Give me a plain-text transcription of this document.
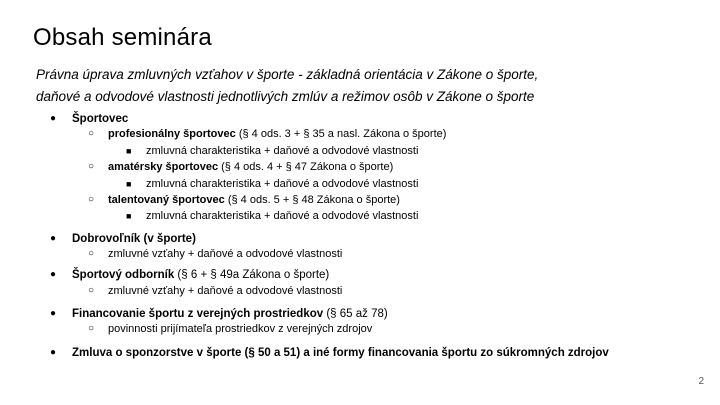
Obsah seminára
Právna úprava zmluvných vzťahov v športe - základná orientácia v Zákone o športe,
daňové a odvodové vlastnosti jednotlivých zmlúv a režimov osôb v Zákone o športe
● Športovec
○ profesionálny športovec (§ 4 ods. 3 + § 35 a nasl. Zákona o športe)
■ zmluvná charakteristika + daňové a odvodové vlastnosti
○ amatérsky športovec (§ 4 ods. 4 + § 47 Zákona o športe)
■ zmluvná charakteristika + daňové a odvodové vlastnosti
○ talentovaný športovec (§ 4 ods. 5 + § 48 Zákona o športe)
■ zmluvná charakteristika + daňové a odvodové vlastnosti
● Dobrovoľník (v športe)
○ zmluvné vzťahy + daňové a odvodové vlastnosti
● Športový odborník (§ 6 + § 49a Zákona o športe)
○ zmluvné vzťahy + daňové a odvodové vlastnosti
● Financovanie športu z verejných prostriedkov (§ 65 až 78)
○ povinnosti prijímateľa prostriedkov z verejných zdrojov
● Zmluva o sponzorstve v športe (§ 50 a 51) a iné formy financovania športu zo súkromných zdrojov
2
